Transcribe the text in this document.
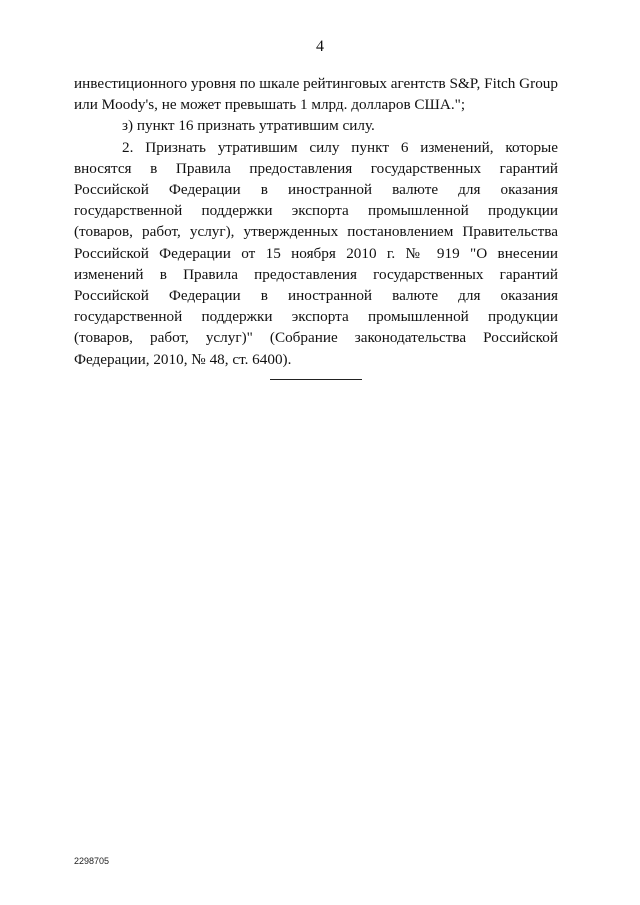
4

инвестиционного уровня по шкале рейтинговых агентств S&P, Fitch Group или Moody's, не может превышать 1 млрд. долларов США.";

з) пункт 16 признать утратившим силу.

2. Признать утратившим силу пункт 6 изменений, которые вносятся в Правила предоставления государственных гарантий Российской Федерации в иностранной валюте для оказания государственной поддержки экспорта промышленной продукции (товаров, работ, услуг), утвержденных постановлением Правительства Российской Федерации от 15 ноября 2010 г. № 919 "О внесении изменений в Правила предоставления государственных гарантий Российской Федерации в иностранной валюте для оказания государственной поддержки экспорта промышленной продукции (товаров, работ, услуг)" (Собрание законодательства Российской Федерации, 2010, № 48, ст. 6400).

2298705
